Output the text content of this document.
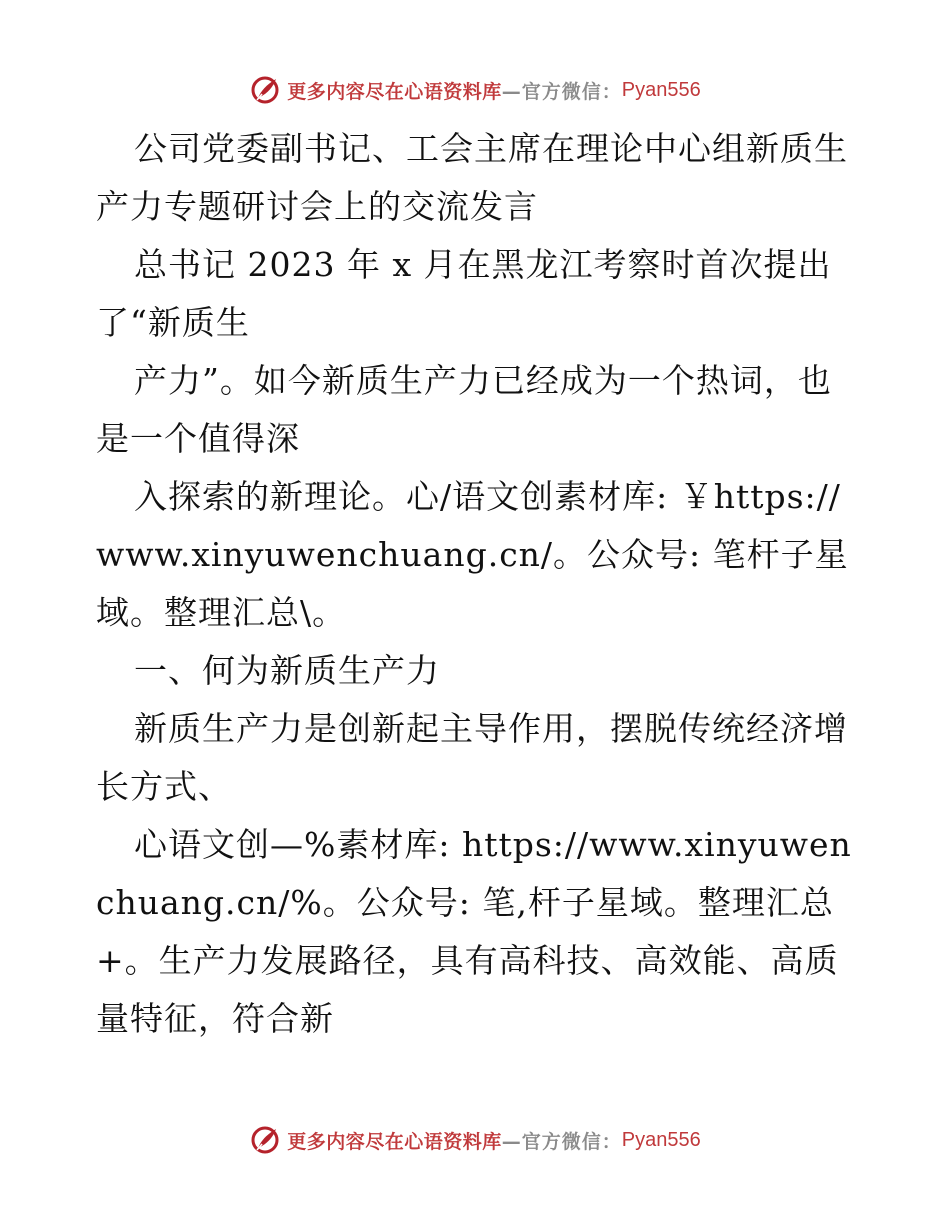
更多内容尽在心语资料库 —官方微信： Pyan556

公司党委副书记、工会主席在理论中心组新质生产力专题研讨会上的交流发言

总书记 2023 年 x 月在黑龙江考察时首次提出了“新质生

产力”。如今新质生产力已经成为一个热词，也是一个值得深

入探索的新理论。心/语文创素材库: ￥https://www.xinyuwenchuang.cn/。公众号: 笔杆子星域。整理汇总\。

一、何为新质生产力

新质生产力是创新起主导作用，摆脱传统经济增长方式、

心语文创—%素材库: https://www.xinyuwenchuang.cn/%。公众号: 笔,杆子星域。整理汇总+。生产力发展路径，具有高科技、高效能、高质量特征，符合新

更多内容尽在心语资料库 —官方微信： Pyan556
